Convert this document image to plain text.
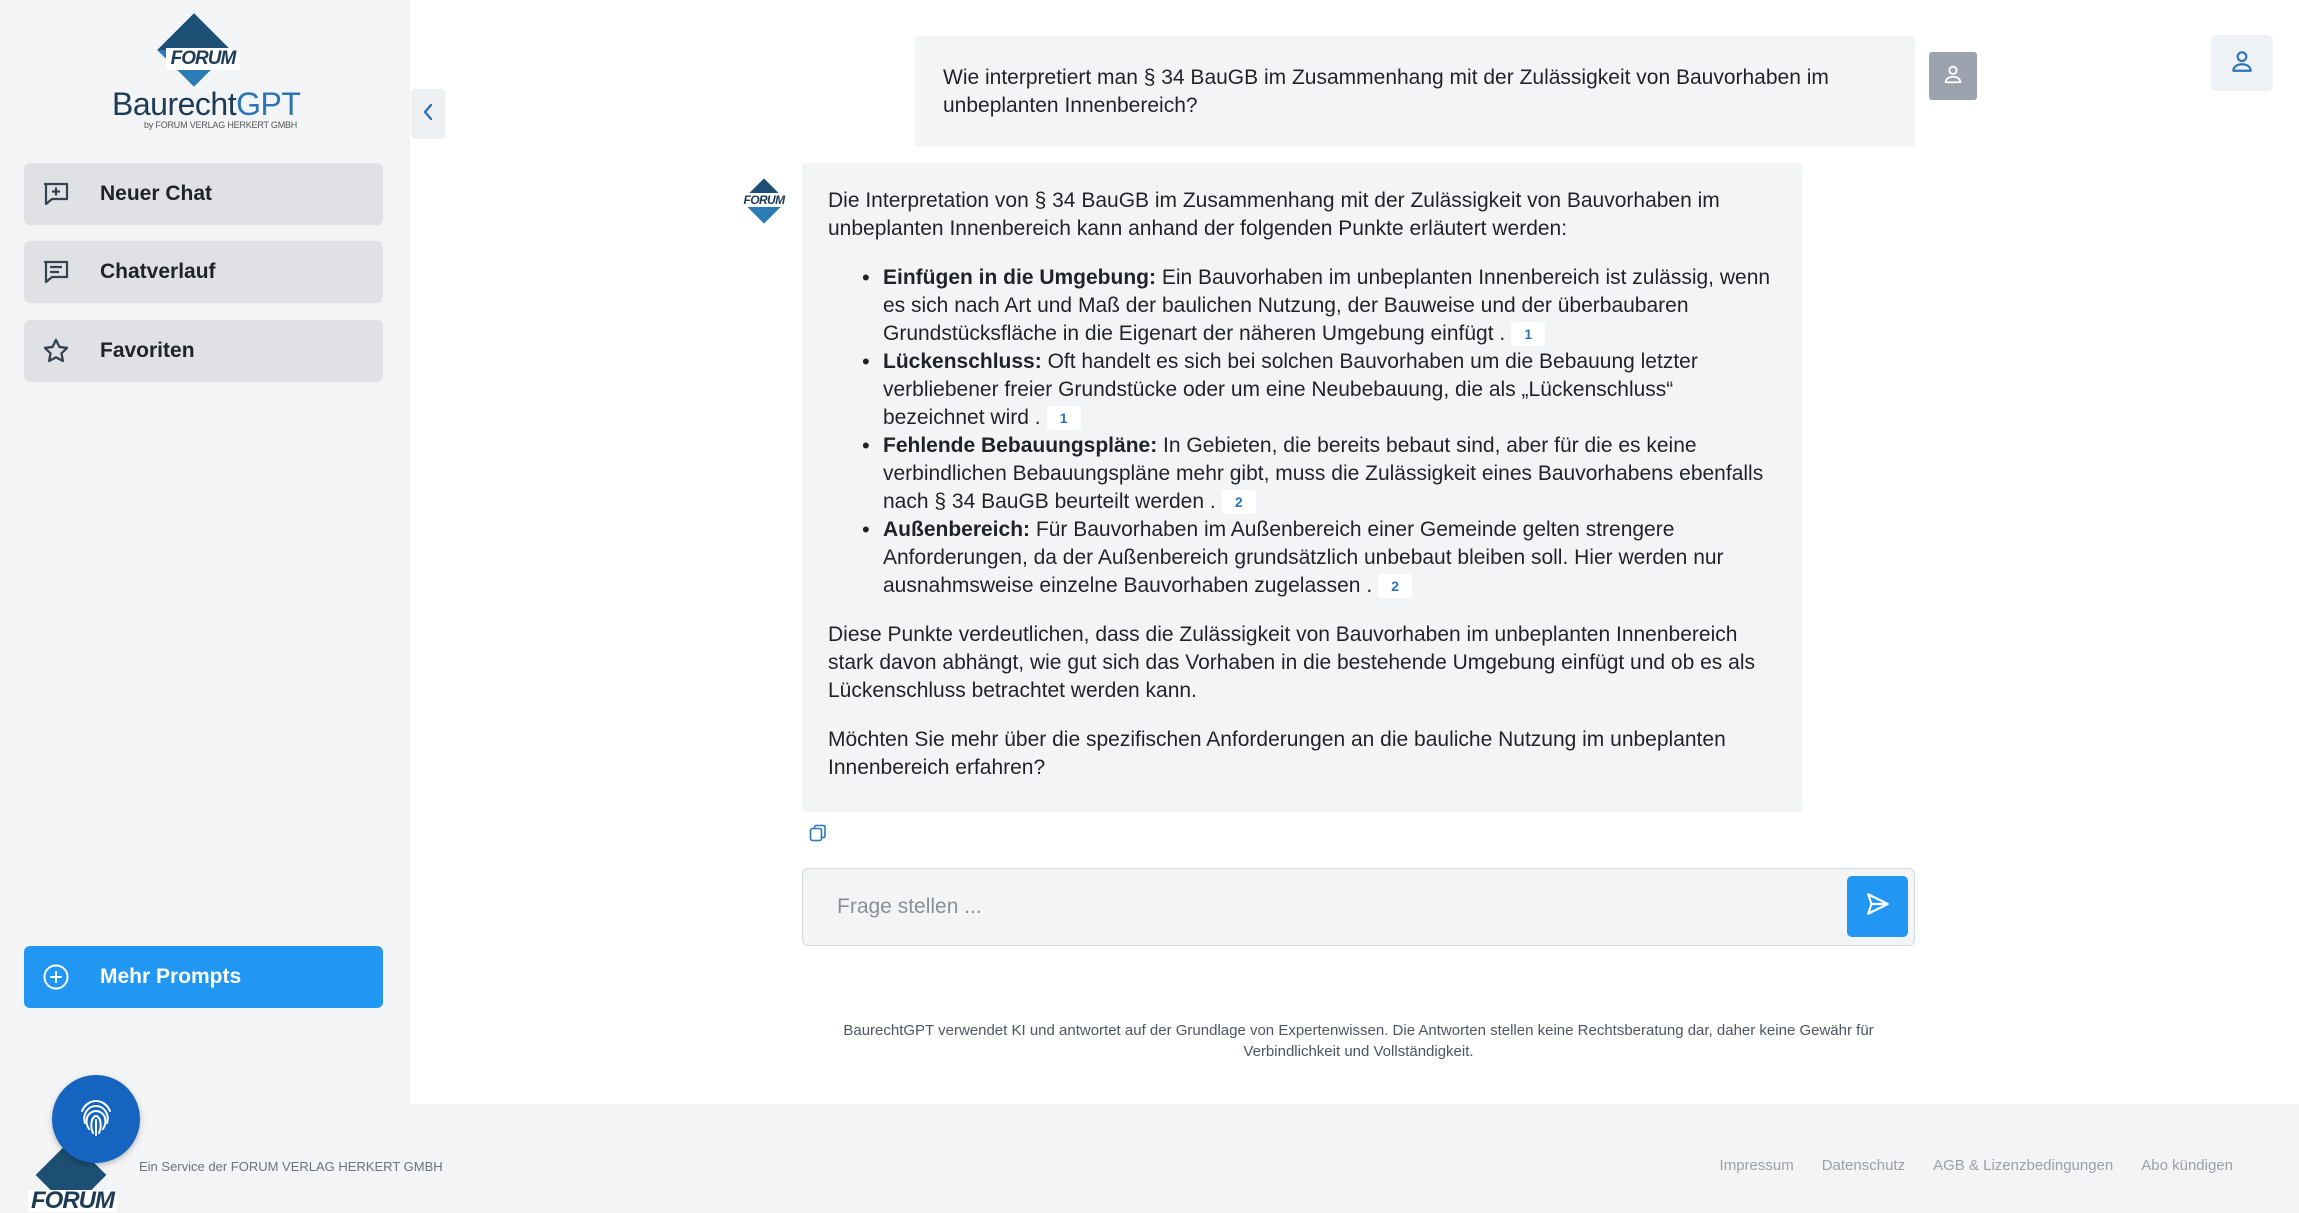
FORUM
BaurechtGPT
by FORUM VERLAG HERKERT GMBH
Neuer Chat
Chatverlauf
Favoriten
Mehr Prompts
FORUM
Ein Service der FORUM VERLAG HERKERT GMBH	Impressum Datenschutz AGB & Lizenzbedingungen Abo kündigen
Wie interpretiert man § 34 BauGB im Zusammenhang mit der Zulässigkeit von Bauvorhaben im unbeplanten Innenbereich?
FORUM Die Interpretation von § 34 BauGB im Zusammenhang mit der Zulässigkeit von Bauvorhaben im unbeplanten Innenbereich kann anhand der folgenden Punkte erläutert werden:

• Einfügen in die Umgebung: Ein Bauvorhaben im unbeplanten Innenbereich ist zulässig, wenn es sich nach Art und Maß der baulichen Nutzung, der Bauweise und der überbaubaren Grundstücksfläche in die Eigenart der näheren Umgebung einfügt . 1
• Lückenschluss: Oft handelt es sich bei solchen Bauvorhaben um die Bebauung letzter verbliebener freier Grundstücke oder um eine Neubebauung, die als „Lückenschluss“ bezeichnet wird . 1
• Fehlende Bebauungspläne: In Gebieten, die bereits bebaut sind, aber für die es keine verbindlichen Bebauungspläne mehr gibt, muss die Zulässigkeit eines Bauvorhabens ebenfalls nach § 34 BauGB beurteilt werden . 2
• Außenbereich: Für Bauvorhaben im Außenbereich einer Gemeinde gelten strengere Anforderungen, da der Außenbereich grundsätzlich unbebaut bleiben soll. Hier werden nur ausnahmsweise einzelne Bauvorhaben zugelassen . 2

Diese Punkte verdeutlichen, dass die Zulässigkeit von Bauvorhaben im unbeplanten Innenbereich stark davon abhängt, wie gut sich das Vorhaben in die bestehende Umgebung einfügt und ob es als Lückenschluss betrachtet werden kann.

Möchten Sie mehr über die spezifischen Anforderungen an die bauliche Nutzung im unbeplanten Innenbereich erfahren?

Frage stellen ...
BaurechtGPT verwendet KI und antwortet auf der Grundlage von Expertenwissen. Die Antworten stellen keine Rechtsberatung dar, daher keine Gewähr für Verbindlichkeit und Vollständigkeit.
